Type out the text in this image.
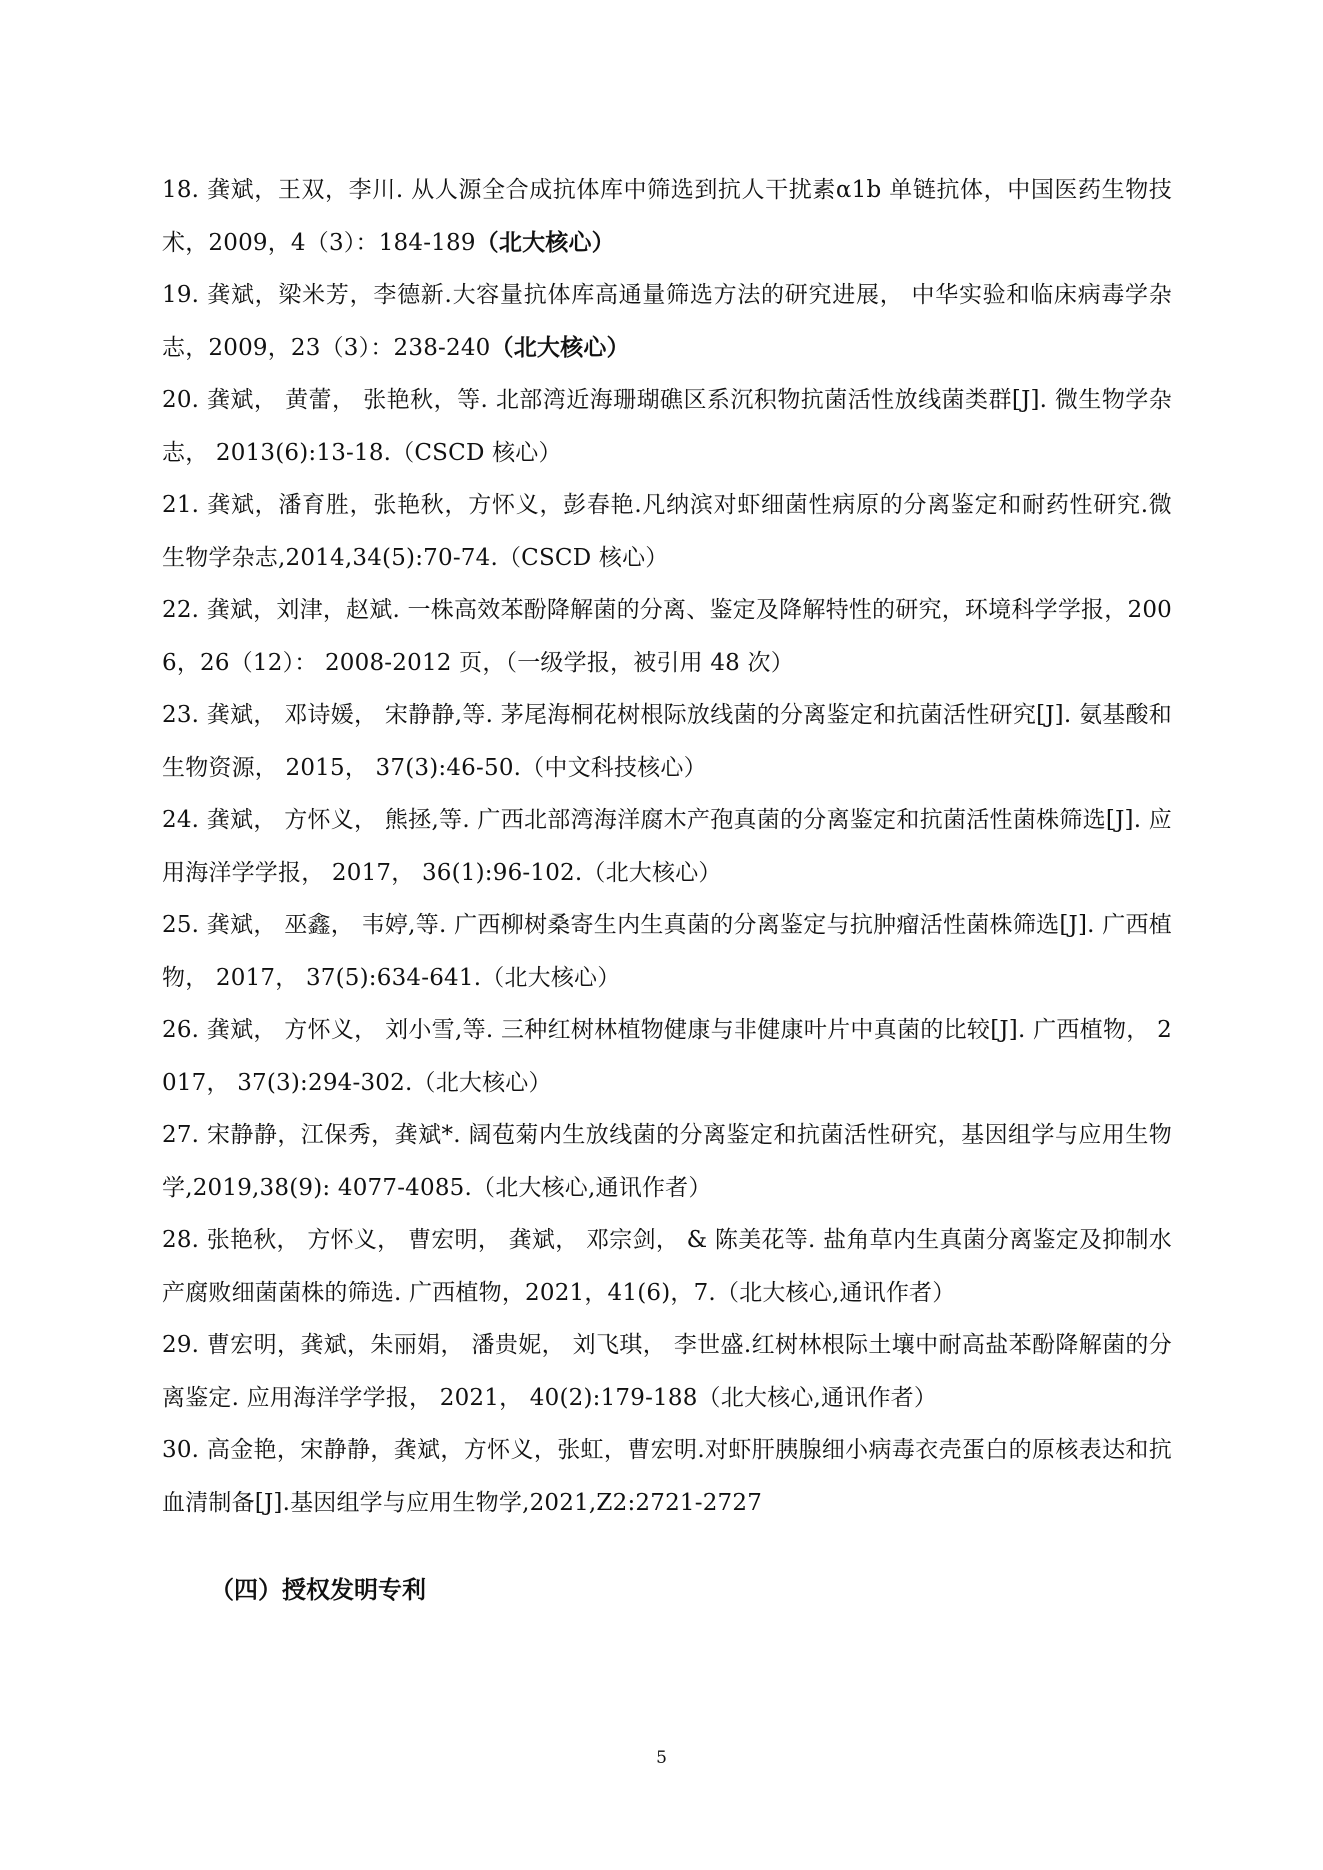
18. 龚斌，王双，李川. 从人源全合成抗体库中筛选到抗人干扰素α1b 单链抗体，中国医药生物技术，2009，4（3）：184-189（北大核心）

19. 龚斌，梁米芳，李德新.大容量抗体库高通量筛选方法的研究进展， 中华实验和临床病毒学杂志，2009，23（3）：238-240（北大核心）

20. 龚斌， 黄蕾， 张艳秋，等. 北部湾近海珊瑚礁区系沉积物抗菌活性放线菌类群[J]. 微生物学杂志， 2013(6):13-18.（CSCD 核心）

21. 龚斌，潘育胜，张艳秋，方怀义，彭春艳.凡纳滨对虾细菌性病原的分离鉴定和耐药性研究.微生物学杂志,2014,34(5):70-74.（CSCD 核心）

22. 龚斌，刘津，赵斌. 一株高效苯酚降解菌的分离、鉴定及降解特性的研究，环境科学学报，2006，26（12）： 2008-2012 页，（一级学报，被引用 48 次）

23. 龚斌， 邓诗媛， 宋静静,等. 茅尾海桐花树根际放线菌的分离鉴定和抗菌活性研究[J]. 氨基酸和生物资源， 2015， 37(3):46-50.（中文科技核心）

24. 龚斌， 方怀义， 熊拯,等. 广西北部湾海洋腐木产孢真菌的分离鉴定和抗菌活性菌株筛选[J]. 应用海洋学学报， 2017， 36(1):96-102.（北大核心）

25. 龚斌， 巫鑫， 韦婷,等. 广西柳树桑寄生内生真菌的分离鉴定与抗肿瘤活性菌株筛选[J]. 广西植物， 2017， 37(5):634-641.（北大核心）

26. 龚斌， 方怀义， 刘小雪,等. 三种红树林植物健康与非健康叶片中真菌的比较[J]. 广西植物， 2017， 37(3):294-302.（北大核心）

27. 宋静静，江保秀，龚斌*. 阔苞菊内生放线菌的分离鉴定和抗菌活性研究，基因组学与应用生物学,2019,38(9): 4077-4085.（北大核心,通讯作者）

28. 张艳秋， 方怀义， 曹宏明， 龚斌， 邓宗剑， & 陈美花等. 盐角草内生真菌分离鉴定及抑制水产腐败细菌菌株的筛选. 广西植物，2021，41(6)，7.（北大核心,通讯作者）

29. 曹宏明，龚斌，朱丽娟， 潘贵妮， 刘飞琪， 李世盛.红树林根际土壤中耐高盐苯酚降解菌的分离鉴定. 应用海洋学学报， 2021， 40(2):179-188（北大核心,通讯作者）

30. 高金艳，宋静静，龚斌，方怀义，张虹，曹宏明.对虾肝胰腺细小病毒衣壳蛋白的原核表达和抗血清制备[J].基因组学与应用生物学,2021,Z2:2721-2727

（四）授权发明专利

5
